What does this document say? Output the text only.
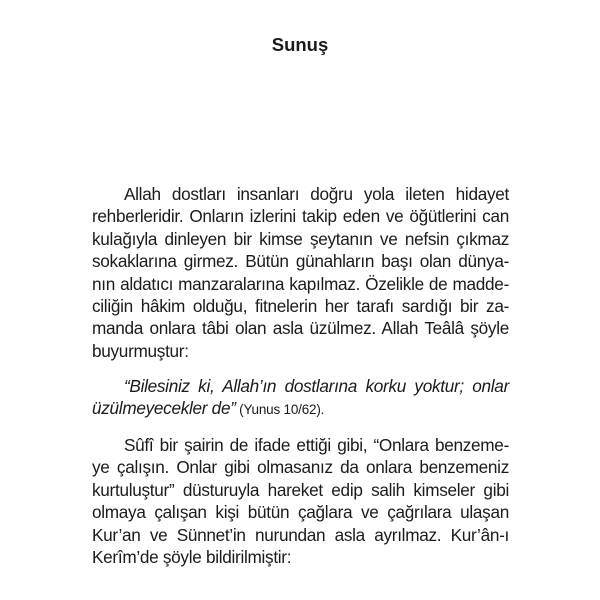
Sunuş
Allah dostları insanları doğru yola ileten hidayet
rehberleridir. Onların izlerini takip eden ve öğütlerini can
kulağıyla dinleyen bir kimse şeytanın ve nefsin çıkmaz
sokaklarına girmez. Bütün günahların başı olan dünya-
nın aldatıcı manzaralarına kapılmaz. Özelikle de madde-
ciliğin hâkim olduğu, fitnelerin her tarafı sardığı bir za-
manda onlara tâbi olan asla üzülmez. Allah Teâlâ şöyle
buyurmuştur:
“Bilesiniz ki, Allah’ın dostlarına korku yoktur; onlar
üzülmeyecekler de” (Yunus 10/62).
Sûfî bir şairin de ifade ettiği gibi, “Onlara benzeme-
ye çalışın. Onlar gibi olmasanız da onlara benzemeniz
kurtuluştur” düsturuyla hareket edip salih kimseler gibi
olmaya çalışan kişi bütün çağlara ve çağrılara ulaşan
Kur’an ve Sünnet’in nurundan asla ayrılmaz. Kur’ân-ı
Kerîm’de şöyle bildirilmiştir:
